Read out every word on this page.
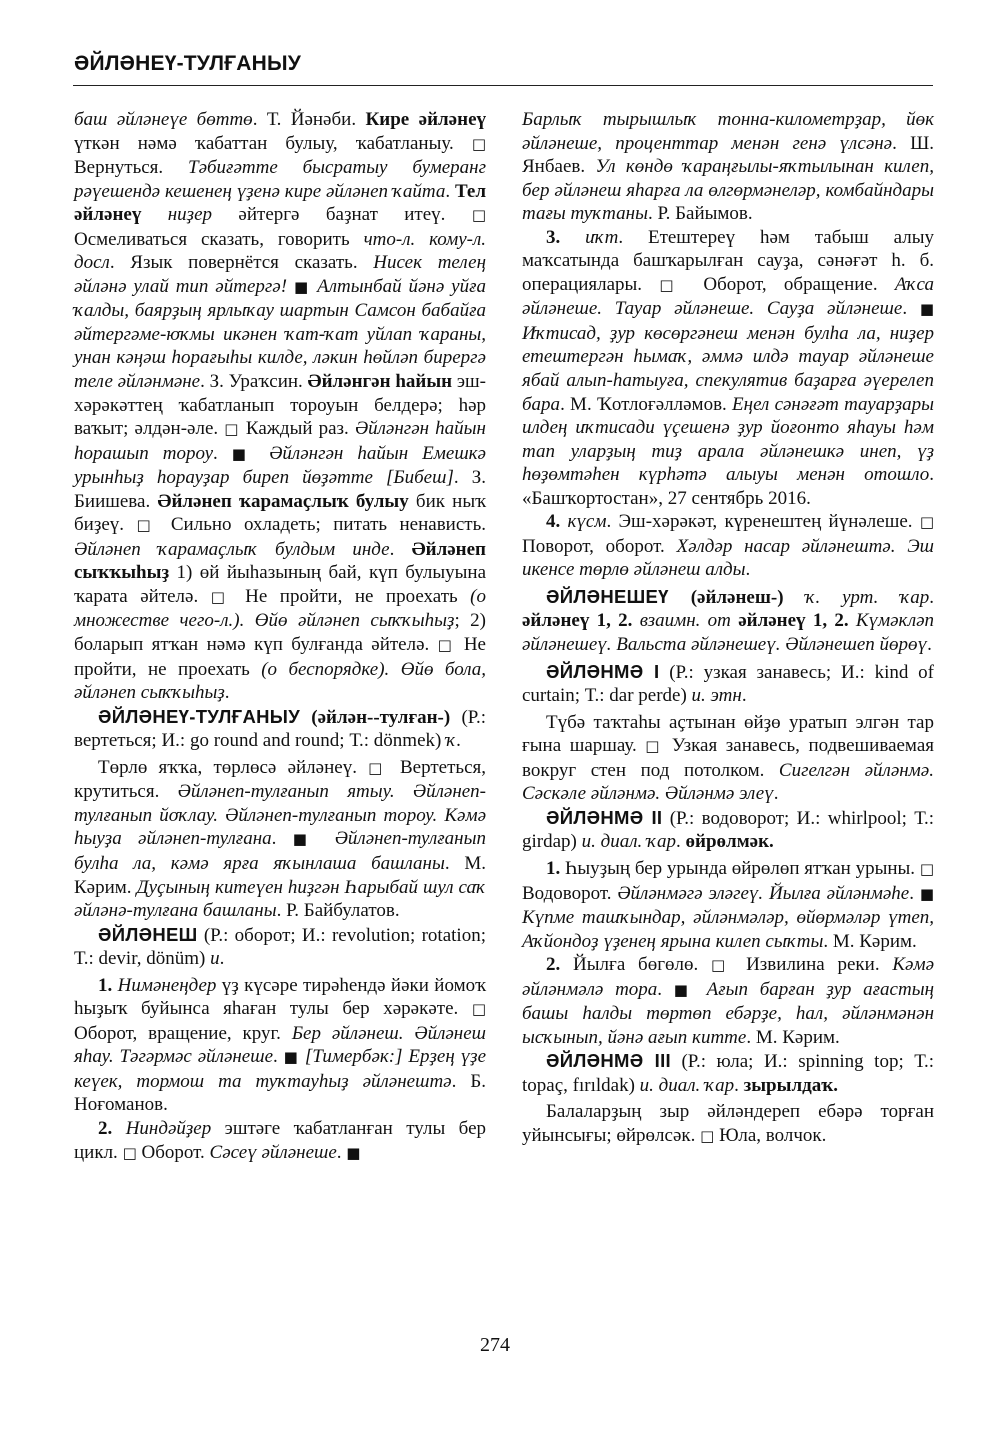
ӘЙЛӘНЕҮ-ТУЛҒАНЫУ

баш әйләнеүе бөттө. Т. Йәнәби. Кире әйләнеү үткән нәмә ҡабаттан булыу, ҡабатланыу. □ Вернуться. Тәбиғәтте бысратыу бумеранг рәүешендә кешенең үҙенә кире әйләнеп ҡайта. Тел әйләнеү ниҙер әйтергә баҙнат итеү. □ Осмеливаться сказать, говорить что-л. кому-л. досл. Язык повернётся сказать. Нисек телең әйләнә улай тип әйтергә! ■ Алтынбай йәнә уйға ҡалды, баярҙың ярлыҡау шартын Самсон бабайға әйтергәме-юҡмы икәнен ҡат-ҡат уйлап ҡараны, унан кәңәш һорағыһы килде, ләкин һөйләп бирергә теле әйләнмәне. З. Ураҡсин. Әйләнгән һайын эш-хәрәкәттең ҡабатланып тороуын белдерә; һәр ваҡыт; әлдән-әле. □ Каждый раз. Әйләнгән һайын һорашып тороу. ■ Әйләнгән һайын Емешкә урынһыҙ һорауҙар биреп йөҙәтте [Бибеш]. З. Биишева. Әйләнеп ҡарамаҫлыҡ булыу бик ныҡ биҙеү. □ Сильно охладеть; питать ненависть. Әйләнеп ҡарамаҫлыҡ булдым инде. Әйләнеп сыҡҡыһыҙ 1) өй йыһазының бай, күп булыуына ҡарата әйтелә. □ Не пройти, не проехать (о множестве чего-л.). Өйө әйләнеп сыҡҡыһыҙ; 2) боларып ятҡан нәмә күп булғанда әйтелә. □ Не пройти, не проехать (о беспорядке). Өйө бола, әйләнеп сыҡҡыһыҙ.

ӘЙЛӘНЕҮ-ТУЛҒАНЫУ (әйлән--тулған-) (Р.: вертеться; И.: go round and round; Т.: dönmek) ҡ.

Төрлө яҡҡа, төрлөсә әйләнеү. □ Вертеться, крутиться. Әйләнеп-тулғанып ятыу. Әйләнеп-тулғанып йоҡлау. Әйләнеп-тулғанып тороу. Кәмә һыуҙа әйләнеп-тулғана. ■ Әйләнеп-тулғанып булһа ла, кәмә ярға яҡынлаша башланы. М. Кәрим. Дуҫының китеүен һиҙгән Һарыбай шул саҡ әйләнә-тулғана башланы. Р. Байбулатов.

ӘЙЛӘНЕШ (Р.: оборот; И.: revolution; rotation; Т.: devir, dönüm) и.

1. Нимәнеңдер үҙ күсәре тирәһендә йәки йомоҡ һыҙыҡ буйынса яһаған тулы бер хәрәкәте. □ Оборот, вращение, круг. Бер әйләнеш. Әйләнеш яһау. Тәгәрмәс әйләнеше. ■ [Тимербәк:] Ерҙең үҙе кеүек, тормош та туҡтауһыҙ әйләнештә. Б. Ноғоманов.

2. Ниндәйҙер эштәге ҡабатланған тулы бер цикл. □ Оборот. Сәсеү әйләнеше. ■

Барлыҡ тырышлыҡ тонна-километрҙар, йөк әйләнеше, проценттар менән генә үлсәнә. Ш. Янбаев. Ул көндө ҡараңғылы-яҡтылынан килеп, бер әйләнеш яһарға ла өлгөрмәнеләр, комбайндары тағы туҡтаны. Р. Байымов.

3. иҡт. Етештереү һәм табыш алыу маҡсатында башҡарылған сауҙа, сәнәғәт һ. б. операциялары. □ Оборот, обращение. Аҡса әйләнеше. Тауар әйләнеше. Сауҙа әйләнеше. ■ Иҡтисад, ҙур көсөргәнеш менән булһа ла, ниҙер етештергән һымаҡ, әммә илдә тауар әйләнеше ябай алып-һатыуға, спекулятив баҙарға әүерелеп бара. М. Ҡотлоғәлләмов. Еңел сәнәғәт тауарҙары илдең иҡтисади үҫешенә ҙур йоғонто яһауы һәм тап уларҙың тиҙ арала әйләнешкә инеп, үҙ һөҙөмтәһен күрһәтә алыуы менән отошло. «Башҡортостан», 27 сентябрь 2016.

4. күсм. Эш-хәрәкәт, күренештең йүнәлеше. □ Поворот, оборот. Хәлдәр насар әйләнештә. Эш икенсе төрлө әйләнеш алды.

ӘЙЛӘНЕШЕҮ (әйләнеш-) ҡ. урт. ҡар. әйләнеү 1, 2. взаимн. от әйләнеү 1, 2. Күмәкләп әйләнешеү. Вальста әйләнешеү. Әйләнешеп йөрөү.

ӘЙЛӘНМӘ I (Р.: узкая занавесь; И.: kind of curtain; Т.: dar perde) и. этн.

Түбә таҡтаһы аҫтынан өйҙө уратып элгән тар ғына шаршау. □ Узкая занавесь, подвешиваемая вокруг стен под потолком. Сигелгән әйләнмә. Сәскәле әйләнмә. Әйләнмә элеү.

ӘЙЛӘНМӘ II (Р.: водоворот; И.: whirlpool; Т.: girdap) и. диал. ҡар. өйрөлмәк.

1. Һыуҙың бер урында өйрөлөп ятҡан урыны. □ Водоворот. Әйләнмәгә эләгеү. Йылға әйләнмәһе. ■ Күпме ташҡындар, әйләнмәләр, өйөрмәләр үтеп, Аҡйондоҙ үҙенең ярына килеп сыҡты. М. Кәрим.

2. Йылға бөгөлө. □ Извилина реки. Кәмә әйләнмәлә тора. ■ Ағып барған ҙур ағастың башы һалды төртөп ебәрҙе, һал, әйләнмәнән ысҡынып, йәнә ағып китте. М. Кәрим.

ӘЙЛӘНМӘ III (Р.: юла; И.: spinning top; Т.: topaç, fırıldak) и. диал. ҡар. зырылдаҡ.

Балаларҙың зыр әйләндереп ебәрә торған уйынсығы; өйрөлсәк. □ Юла, волчок.

274
